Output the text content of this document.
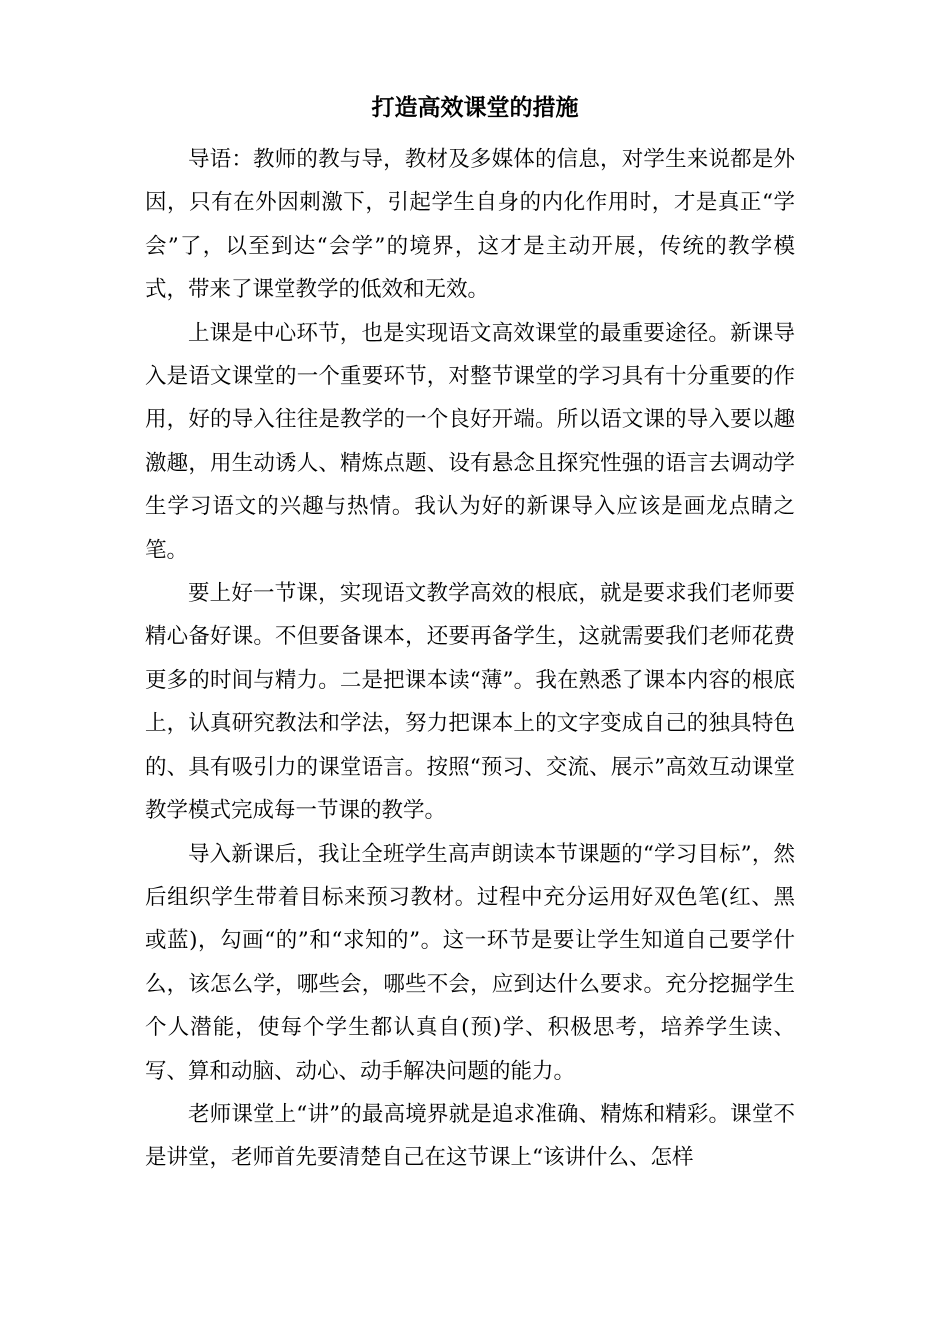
打造高效课堂的措施

导语：教师的教与导，教材及多媒体的信息，对学生来说都是外因，只有在外因刺激下，引起学生自身的内化作用时，才是真正“学会”了，以至到达“会学”的境界，这才是主动开展，传统的教学模式，带来了课堂教学的低效和无效。

上课是中心环节，也是实现语文高效课堂的最重要途径。新课导入是语文课堂的一个重要环节，对整节课堂的学习具有十分重要的作用，好的导入往往是教学的一个良好开端。所以语文课的导入要以趣激趣，用生动诱人、精炼点题、设有悬念且探究性强的语言去调动学生学习语文的兴趣与热情。我认为好的新课导入应该是画龙点睛之笔。

要上好一节课，实现语文教学高效的根底，就是要求我们老师要精心备好课。不但要备课本，还要再备学生，这就需要我们老师花费更多的时间与精力。二是把课本读“薄”。我在熟悉了课本内容的根底上，认真研究教法和学法，努力把课本上的文字变成自己的独具特色的、具有吸引力的课堂语言。按照“预习、交流、展示”高效互动课堂教学模式完成每一节课的教学。

导入新课后，我让全班学生高声朗读本节课题的“学习目标”，然后组织学生带着目标来预习教材。过程中充分运用好双色笔(红、黑或蓝)，勾画“的”和“求知的”。这一环节是要让学生知道自己要学什么，该怎么学，哪些会，哪些不会，应到达什么要求。充分挖掘学生个人潜能，使每个学生都认真自(预)学、积极思考，培养学生读、写、算和动脑、动心、动手解决问题的能力。

老师课堂上“讲”的最高境界就是追求准确、精炼和精彩。课堂不是讲堂，老师首先要清楚自己在这节课上“该讲什么、怎样
